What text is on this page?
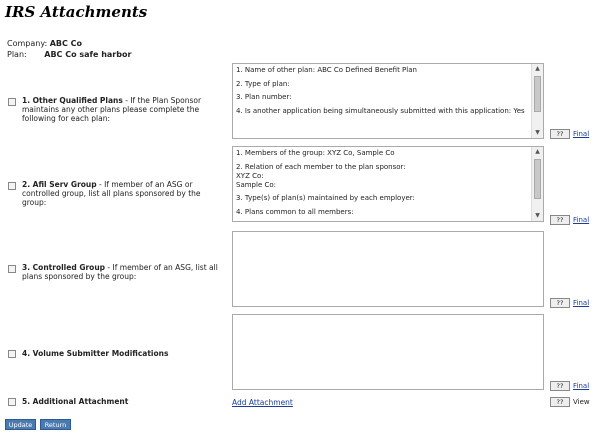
IRS Attachments
Company: ABC Co
Plan: ABC Co safe harbor
1. Other Qualified Plans - If the Plan Sponsor maintains any other plans please complete the following for each plan:

1. Name of other plan: ABC Co Defined Benefit Plan

2. Type of plan:

3. Plan number:

4. Is another application being simultaneously submitted with this application: Yes

▲
▼	??	Final
2. Afil Serv Group - If member of an ASG or controlled group, list all plans sponsored by the group:

1. Members of the group: XYZ Co, Sample Co

2. Relation of each member to the plan sponsor:

XYZ Co:

Sample Co:

3. Type(s) of plan(s) maintained by each employer:

4. Plans common to all members:

▲
▼
??	Final
3. Controlled Group - If member of an ASG, list all plans sponsored by the group:
??	Final
4. Volume Submitter Modifications
??	Final
5. Additional Attachment	Add Attachment	??	View
Update	Return
